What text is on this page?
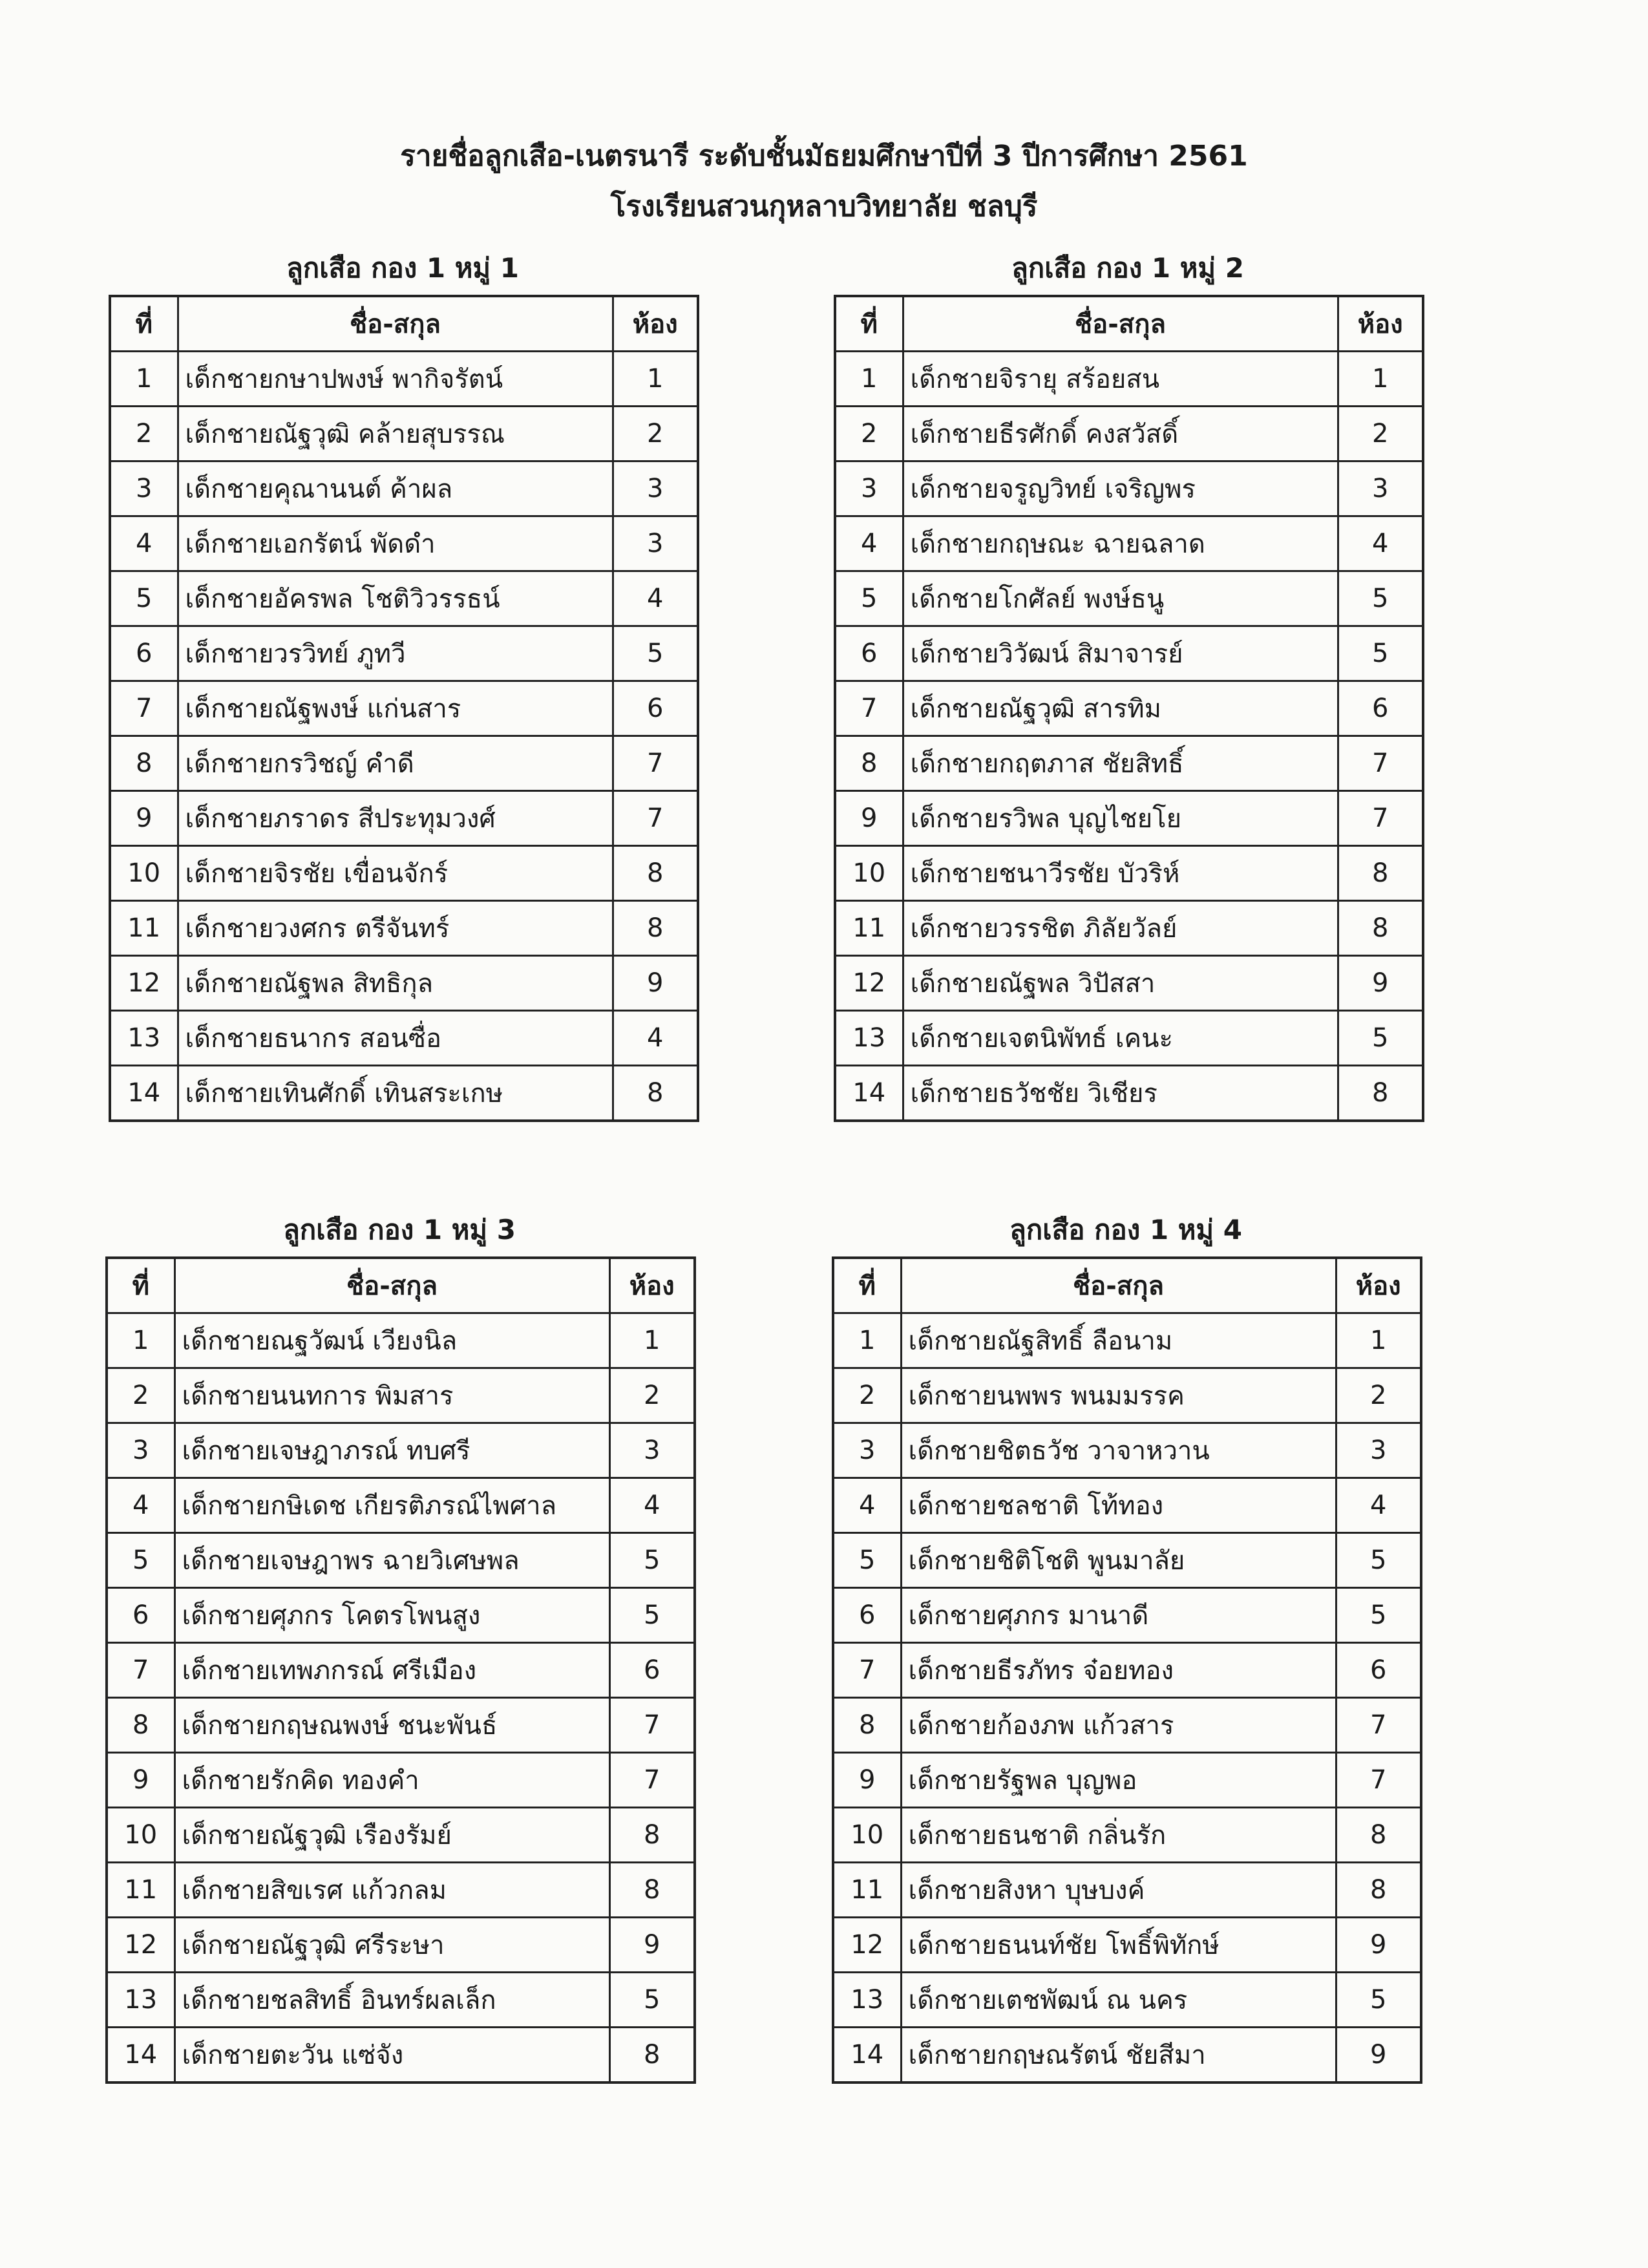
รายชื่อลูกเสือ-เนตรนารี ระดับชั้นมัธยมศึกษาปีที่ 3 ปีการศึกษา 2561
โรงเรียนสวนกุหลาบวิทยาลัย ชลบุรี
ลูกเสือ กอง 1 หมู่ 1
ที่	ชื่อ-สกุล	ห้อง
1	เด็กชายกษาปพงษ์ พากิจรัตน์	1
2	เด็กชายณัฐวุฒิ คล้ายสุบรรณ	2
3	เด็กชายคุณานนต์ ค้าผล	3
4	เด็กชายเอกรัตน์ พัดดำ	3
5	เด็กชายอัครพล โชติวิวรรธน์	4
6	เด็กชายวรวิทย์ ภูทวี	5
7	เด็กชายณัฐพงษ์ แก่นสาร	6
8	เด็กชายกรวิชญ์ คำดี	7
9	เด็กชายภราดร สีประทุมวงศ์	7
10	เด็กชายจิรชัย เขื่อนจักร์	8
11	เด็กชายวงศกร ตรีจันทร์	8
12	เด็กชายณัฐพล สิทธิกุล	9
13	เด็กชายธนากร สอนซื่อ	4
14	เด็กชายเทินศักดิ์ เทินสระเกษ	8
ลูกเสือ กอง 1 หมู่ 2
ที่	ชื่อ-สกุล	ห้อง
1	เด็กชายจิรายุ สร้อยสน	1
2	เด็กชายธีรศักดิ์ คงสวัสดิ์	2
3	เด็กชายจรูญวิทย์ เจริญพร	3
4	เด็กชายกฤษณะ ฉายฉลาด	4
5	เด็กชายโกศัลย์ พงษ์ธนู	5
6	เด็กชายวิวัฒน์ สิมาจารย์	5
7	เด็กชายณัฐวุฒิ สารทิม	6
8	เด็กชายกฤตภาส ชัยสิทธิ์	7
9	เด็กชายรวิพล บุญไชยโย	7
10	เด็กชายชนาวีรชัย บัวริห์	8
11	เด็กชายวรรชิต ภิลัยวัลย์	8
12	เด็กชายณัฐพล วิปัสสา	9
13	เด็กชายเจตนิพัทธ์ เคนะ	5
14	เด็กชายธวัชชัย วิเชียร	8
ลูกเสือ กอง 1 หมู่ 3
ที่	ชื่อ-สกุล	ห้อง
1	เด็กชายณฐวัฒน์ เวียงนิล	1
2	เด็กชายนนทการ พิมสาร	2
3	เด็กชายเจษฎาภรณ์ ทบศรี	3
4	เด็กชายกษิเดช เกียรติภรณ์ไพศาล	4
5	เด็กชายเจษฎาพร ฉายวิเศษพล	5
6	เด็กชายศุภกร โคตรโพนสูง	5
7	เด็กชายเทพภกรณ์ ศรีเมือง	6
8	เด็กชายกฤษณพงษ์ ชนะพันธ์	7
9	เด็กชายรักคิด ทองคำ	7
10	เด็กชายณัฐวุฒิ เรืองรัมย์	8
11	เด็กชายสิขเรศ แก้วกลม	8
12	เด็กชายณัฐวุฒิ ศรีระษา	9
13	เด็กชายชลสิทธิ์ อินทร์ผลเล็ก	5
14	เด็กชายตะวัน แซ่จัง	8
ลูกเสือ กอง 1 หมู่ 4
ที่	ชื่อ-สกุล	ห้อง
1	เด็กชายณัฐสิทธิ์ ลือนาม	1
2	เด็กชายนพพร พนมมรรค	2
3	เด็กชายชิตธวัช วาจาหวาน	3
4	เด็กชายชลชาติ โท้ทอง	4
5	เด็กชายชิติโชติ พูนมาลัย	5
6	เด็กชายศุภกร มานาดี	5
7	เด็กชายธีรภัทร จ๋อยทอง	6
8	เด็กชายก้องภพ แก้วสาร	7
9	เด็กชายรัฐพล บุญพอ	7
10	เด็กชายธนชาติ กลิ่นรัก	8
11	เด็กชายสิงหา บุษบงค์	8
12	เด็กชายธนนท์ชัย โพธิ์พิทักษ์	9
13	เด็กชายเตชพัฒน์ ณ นคร	5
14	เด็กชายกฤษณรัตน์ ชัยสีมา	9
